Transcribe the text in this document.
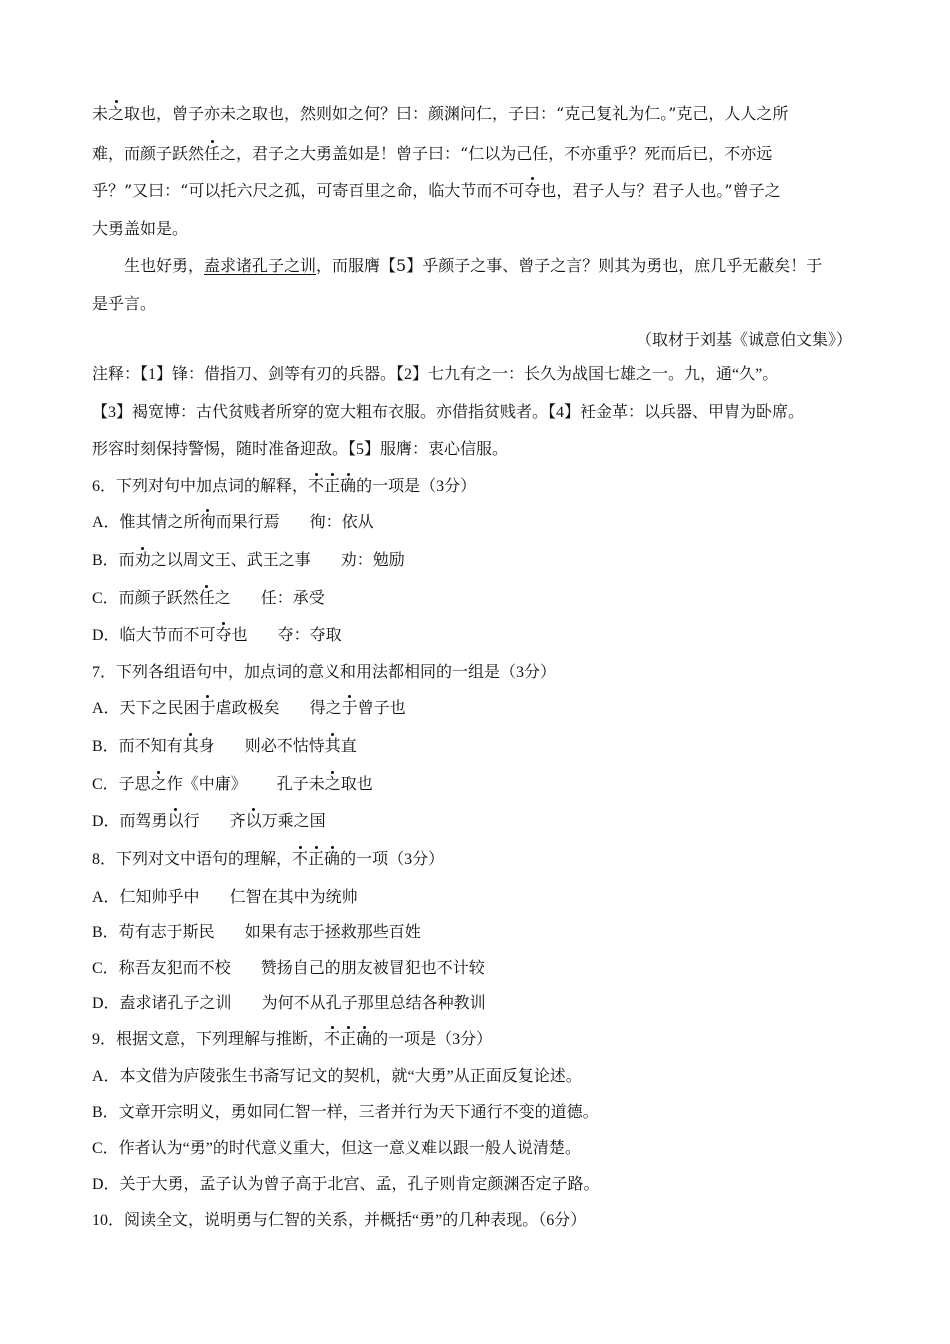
未之取也，曾子亦未之取也，然则如之何？曰：颜渊问仁，子曰：“克己复礼为仁。”克己，人人之所
难，而颜子跃然任之，君子之大勇盖如是！曾子曰：“仁以为己任，不亦重乎？死而后已，不亦远
乎？”又曰：“可以托六尺之孤，可寄百里之命，临大节而不可夺也，君子人与？君子人也。”曾子之
大勇盖如是。
生也好勇，盍求诸孔子之训，而服膺【5】乎颜子之事、曾子之言？则其为勇也，庶几乎无蔽矣！于
是乎言。
（取材于刘基《诚意伯文集》）
注释：【1】锋：借指刀、剑等有刃的兵器。【2】七九有之一：长久为战国七雄之一。九，通“久”。
【3】褐宽博：古代贫贱者所穿的宽大粗布衣服。亦借指贫贱者。【4】衽金革：以兵器、甲胄为卧席。
形容时刻保持警惕，随时准备迎敌。【5】服膺：衷心信服。
6．下列对句中加点词的解释，不正确的一项是（3分）
A．惟其情之所徇而果行焉 徇：依从
B．而劝之以周文王、武王之事 劝：勉励
C．而颜子跃然任之 任：承受
D．临大节而不可夺也 夺：夺取
7．下列各组语句中，加点词的意义和用法都相同的一组是（3分）
A．天下之民困于虐政极矣 得之于曾子也
B．而不知有其身 则必不怙恃其直
C．子思之作《中庸》 孔子未之取也
D．而驾勇以行 齐以万乘之国
8．下列对文中语句的理解，不正确的一项（3分）
A．仁知帅乎中 仁智在其中为统帅
B．苟有志于斯民 如果有志于拯救那些百姓
C．称吾友犯而不校 赞扬自己的朋友被冒犯也不计较
D．盍求诸孔子之训 为何不从孔子那里总结各种教训
9．根据文意，下列理解与推断，不正确的一项是（3分）
A．本文借为庐陵张生书斋写记文的契机，就“大勇”从正面反复论述。
B．文章开宗明义，勇如同仁智一样，三者并行为天下通行不变的道德。
C．作者认为“勇”的时代意义重大，但这一意义难以跟一般人说清楚。
D．关于大勇，孟子认为曾子高于北宫、孟，孔子则肯定颜渊否定子路。
10．阅读全文，说明勇与仁智的关系，并概括“勇”的几种表现。（6分）
